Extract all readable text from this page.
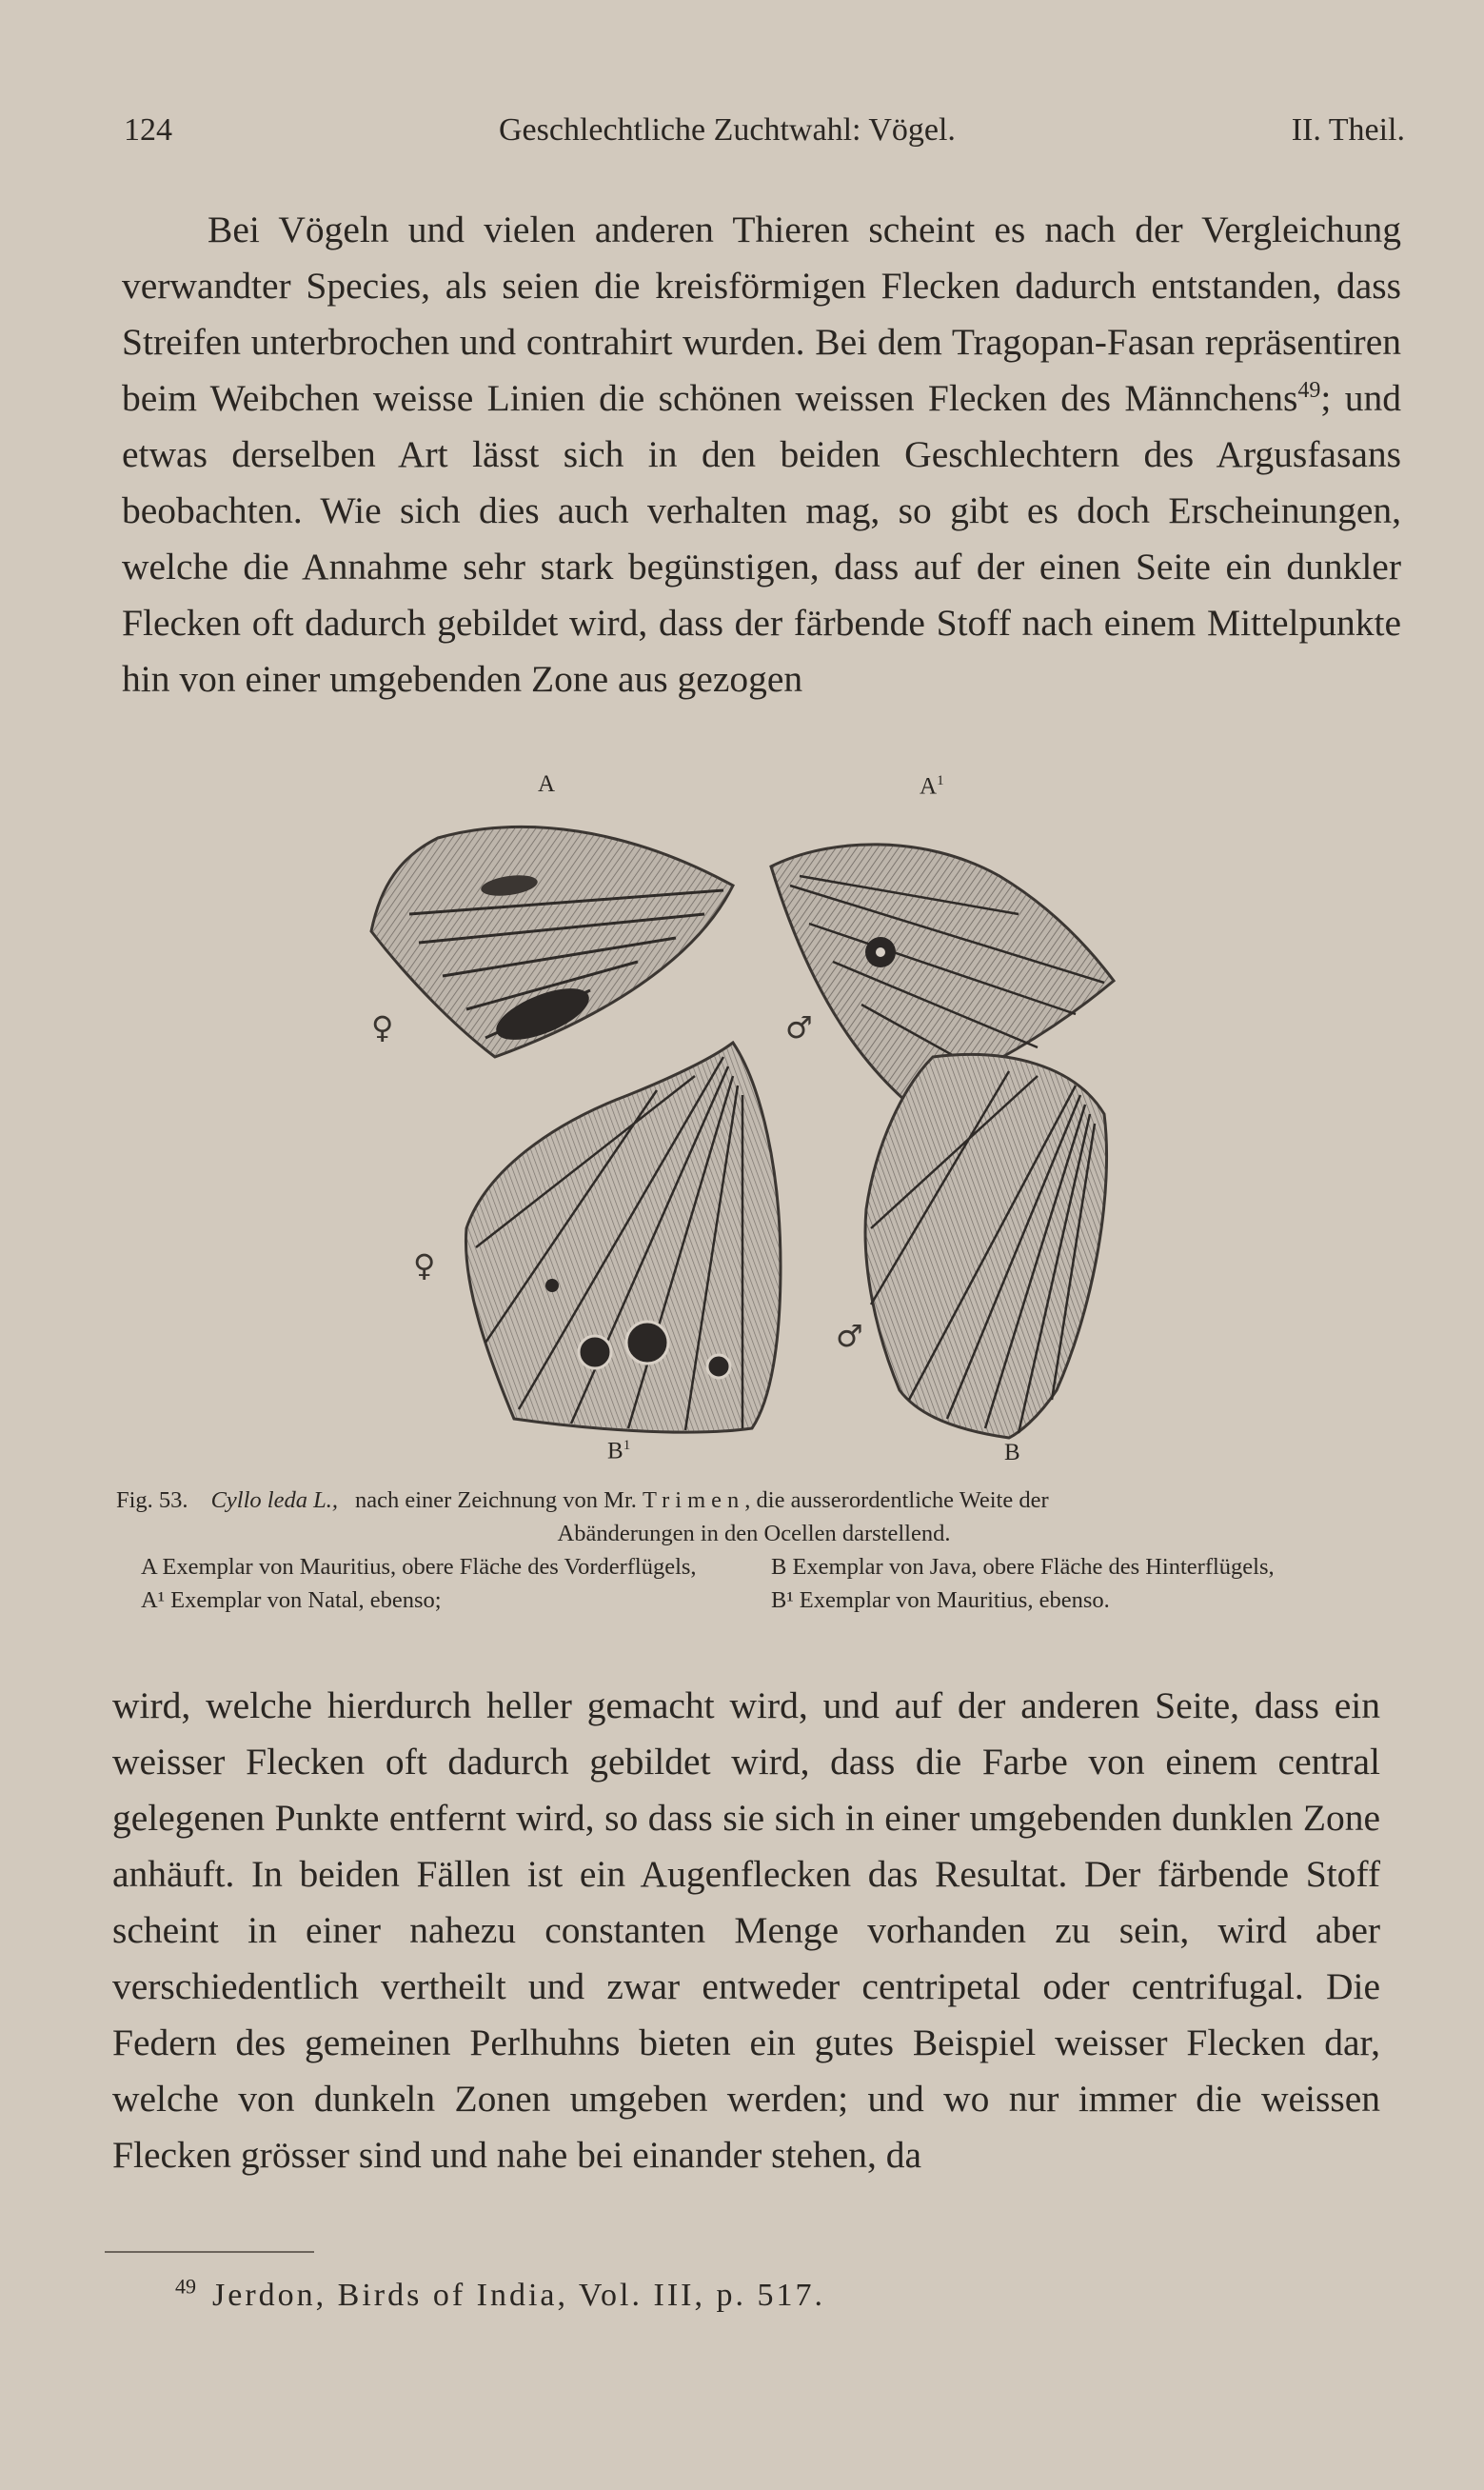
124	Geschlechtliche Zuchtwahl: Vögel.	II. Theil.

Bei Vögeln und vielen anderen Thieren scheint es nach der Vergleichung verwandter Species, als seien die kreisförmigen Flecken dadurch entstanden, dass Streifen unterbrochen und contrahirt wurden. Bei dem Tragopan-Fasan repräsentiren beim Weibchen weisse Linien die schönen weissen Flecken des Männchens$^{49}$; und etwas derselben Art lässt sich in den beiden Geschlechtern des Argusfasans beobachten. Wie sich dies auch verhalten mag, so gibt es doch Erscheinungen, welche die Annahme sehr stark begünstigen, dass auf der einen Seite ein dunkler Flecken oft dadurch gebildet wird, dass der färbende Stoff nach einem Mittelpunkte hin von einer umgebenden Zone aus gezogen

A	$A^1$
♀	♂
♀
♂
$B^1$	B
Fig. 53. Cyllo leda L., nach einer Zeichnung von Mr. Trimen, die ausserordentliche Weite der
Abänderungen in den Ocellen darstellend.
A Exemplar von Mauritius, obere Fläche des Vorderflügels,
A¹ Exemplar von Natal, ebenso;
B Exemplar von Java, obere Fläche des Hinterflügels,
B¹ Exemplar von Mauritius, ebenso.

wird, welche hierdurch heller gemacht wird, und auf der anderen Seite, dass ein weisser Flecken oft dadurch gebildet wird, dass die Farbe von einem central gelegenen Punkte entfernt wird, so dass sie sich in einer umgebenden dunklen Zone anhäuft. In beiden Fällen ist ein Augenflecken das Resultat. Der färbende Stoff scheint in einer nahezu constanten Menge vorhanden zu sein, wird aber verschiedentlich vertheilt und zwar entweder centripetal oder centrifugal. Die Federn des gemeinen Perlhuhns bieten ein gutes Beispiel weisser Flecken dar, welche von dunkeln Zonen umgeben werden; und wo nur immer die weissen Flecken grösser sind und nahe bei einander stehen, da

$^{49}$ Jerdon, Birds of India, Vol. III, p. 517.
